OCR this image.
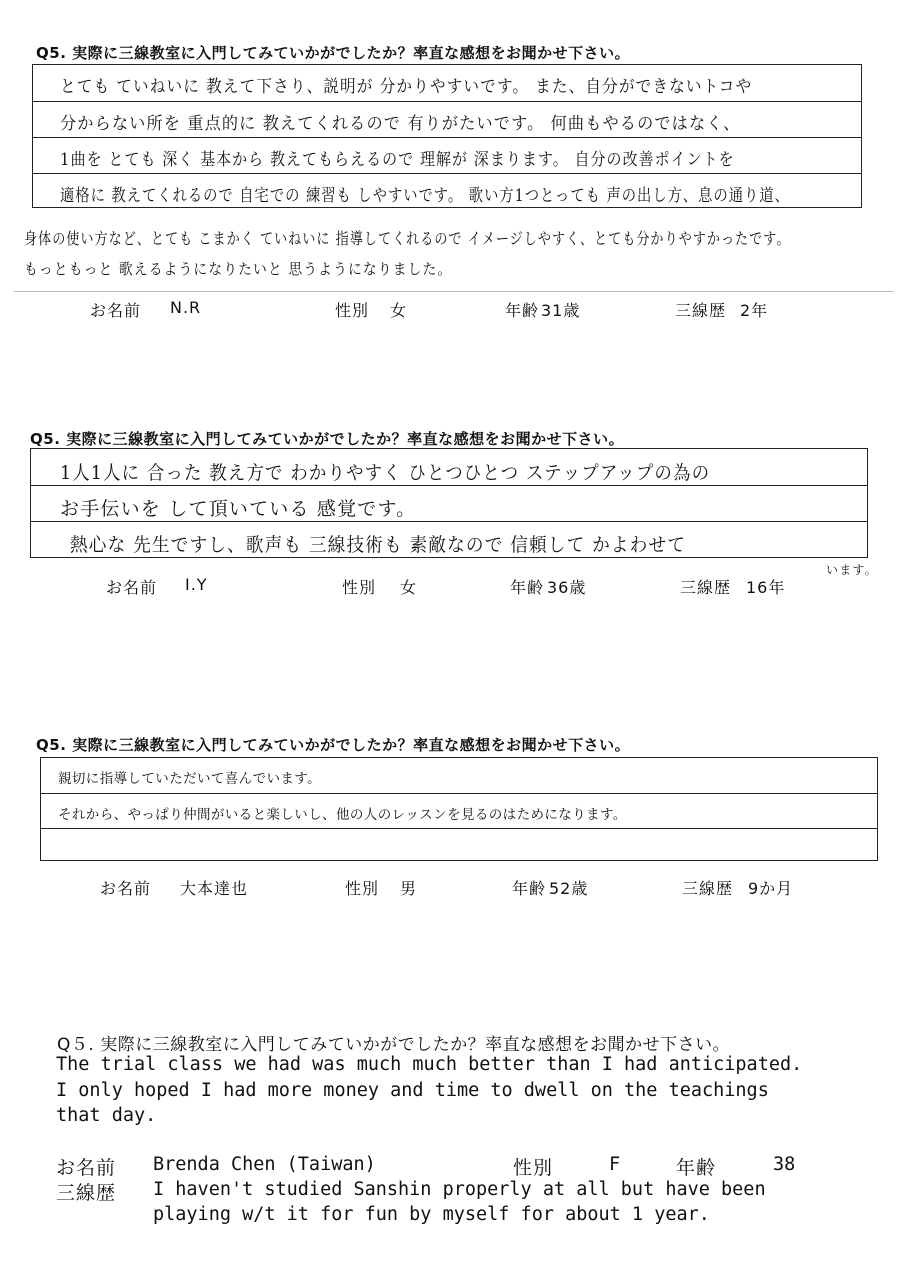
Q5. 実際に三線教室に入門してみていかがでしたか？率直な感想をお聞かせ下さい。
とても ていねいに 教えて下さり、説明が 分かりやすいです。 また、自分ができないトコや
分からない所を 重点的に 教えてくれるので 有りがたいです。 何曲もやるのではなく、
1曲を とても 深く 基本から 教えてもらえるので 理解が 深まります。 自分の改善ポイントを
適格に 教えてくれるので 自宅での 練習も しやすいです。 歌い方1つとっても 声の出し方、息の通り道、
身体の使い方など、とても こまかく ていねいに 指導してくれるので イメージしやすく、とても分かりやすかったです。
もっともっと 歌えるようになりたいと 思うようになりました。
お名前 N.R	性別 女	年齢 31歳	三線歴 2年
Q5. 実際に三線教室に入門してみていかがでしたか？率直な感想をお聞かせ下さい。
1人1人に 合った 教え方で わかりやすく ひとつひとつ ステップアップの為の
お手伝いを して頂いている 感覚です。
熱心な 先生ですし、歌声も 三線技術も 素敵なので 信頼して かよわせて
います。
お名前 I.Y	性別 女	年齢 36歳	三線歴 16年
Q5. 実際に三線教室に入門してみていかがでしたか？率直な感想をお聞かせ下さい。
親切に指導していただいて喜んでいます。
それから、やっぱり仲間がいると楽しいし、他の人のレッスンを見るのはためになります。
お名前 大本達也	性別 男	年齢 52歳	三線歴 9か月
Q５. 実際に三線教室に入門してみていかがでしたか？率直な感想をお聞かせ下さい。
The trial class we had was much much better than I had anticipated.
I only hoped I had more money and time to dwell on the teachings
that day.
お名前 Brenda Chen (Taiwan)	性別	F	年齢	38
三線歴 I haven't studied Sanshin properly at all but have been
playing w/t it for fun by myself for about 1 year.
